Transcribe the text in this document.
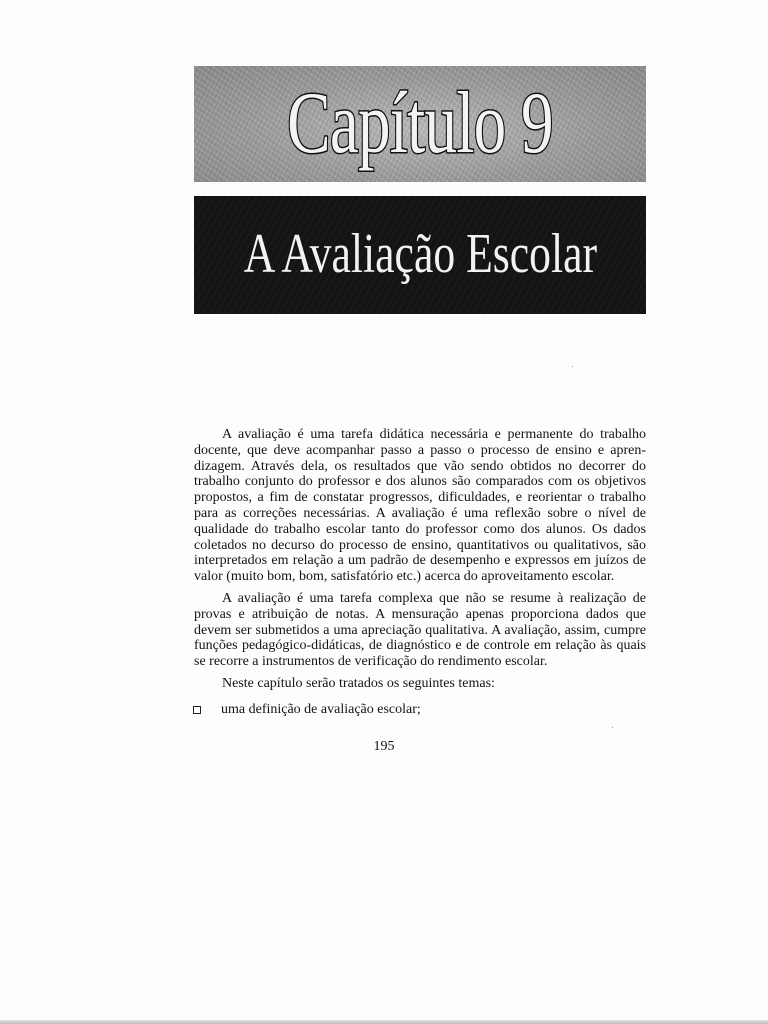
Capítulo 9
A Avaliação Escolar

A avaliação é uma tarefa didática necessária e permanente do trabalho docente, que deve acompanhar passo a passo o processo de ensino e apren-dizagem. Através dela, os resultados que vão sendo obtidos no decorrer do trabalho conjunto do professor e dos alunos são comparados com os objetivos propostos, a fim de constatar progressos, dificuldades, e reorientar o trabalho para as correções necessárias. A avaliação é uma reflexão sobre o nível de qualidade do trabalho escolar tanto do professor como dos alunos. Os dados coletados no decurso do processo de ensino, quantitativos ou qualitativos, são interpretados em relação a um padrão de desempenho e expressos em juízos de valor (muito bom, bom, satisfatório etc.) acerca do aproveitamento escolar.

A avaliação é uma tarefa complexa que não se resume à realização de provas e atribuição de notas. A mensuração apenas proporciona dados que devem ser submetidos a uma apreciação qualitativa. A avaliação, assim, cumpre funções pedagógico-didáticas, de diagnóstico e de controle em relação às quais se recorre a instrumentos de verificação do rendimento escolar.

Neste capítulo serão tratados os seguintes temas:

uma definição de avaliação escolar;
195
